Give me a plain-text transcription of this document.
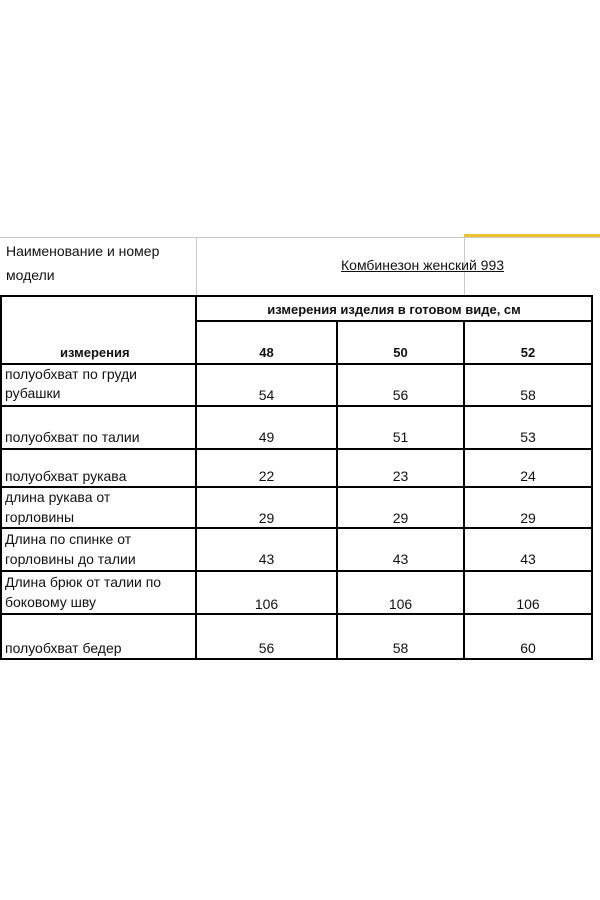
Наименование и номер
модели
Комбинезон женский 993
измерения изделия в готовом виде, см
измерения	48	50	52
полуобхват по груди
рубашки	54	56	58
полуобхват по талии	49	51	53
полуобхват рукава	22	23	24
длина рукава от
горловины	29	29	29
Длина по спинке от
горловины до талии	43	43	43
Длина брюк от талии по
боковому шву	106	106	106
полуобхват бедер	56	58	60
